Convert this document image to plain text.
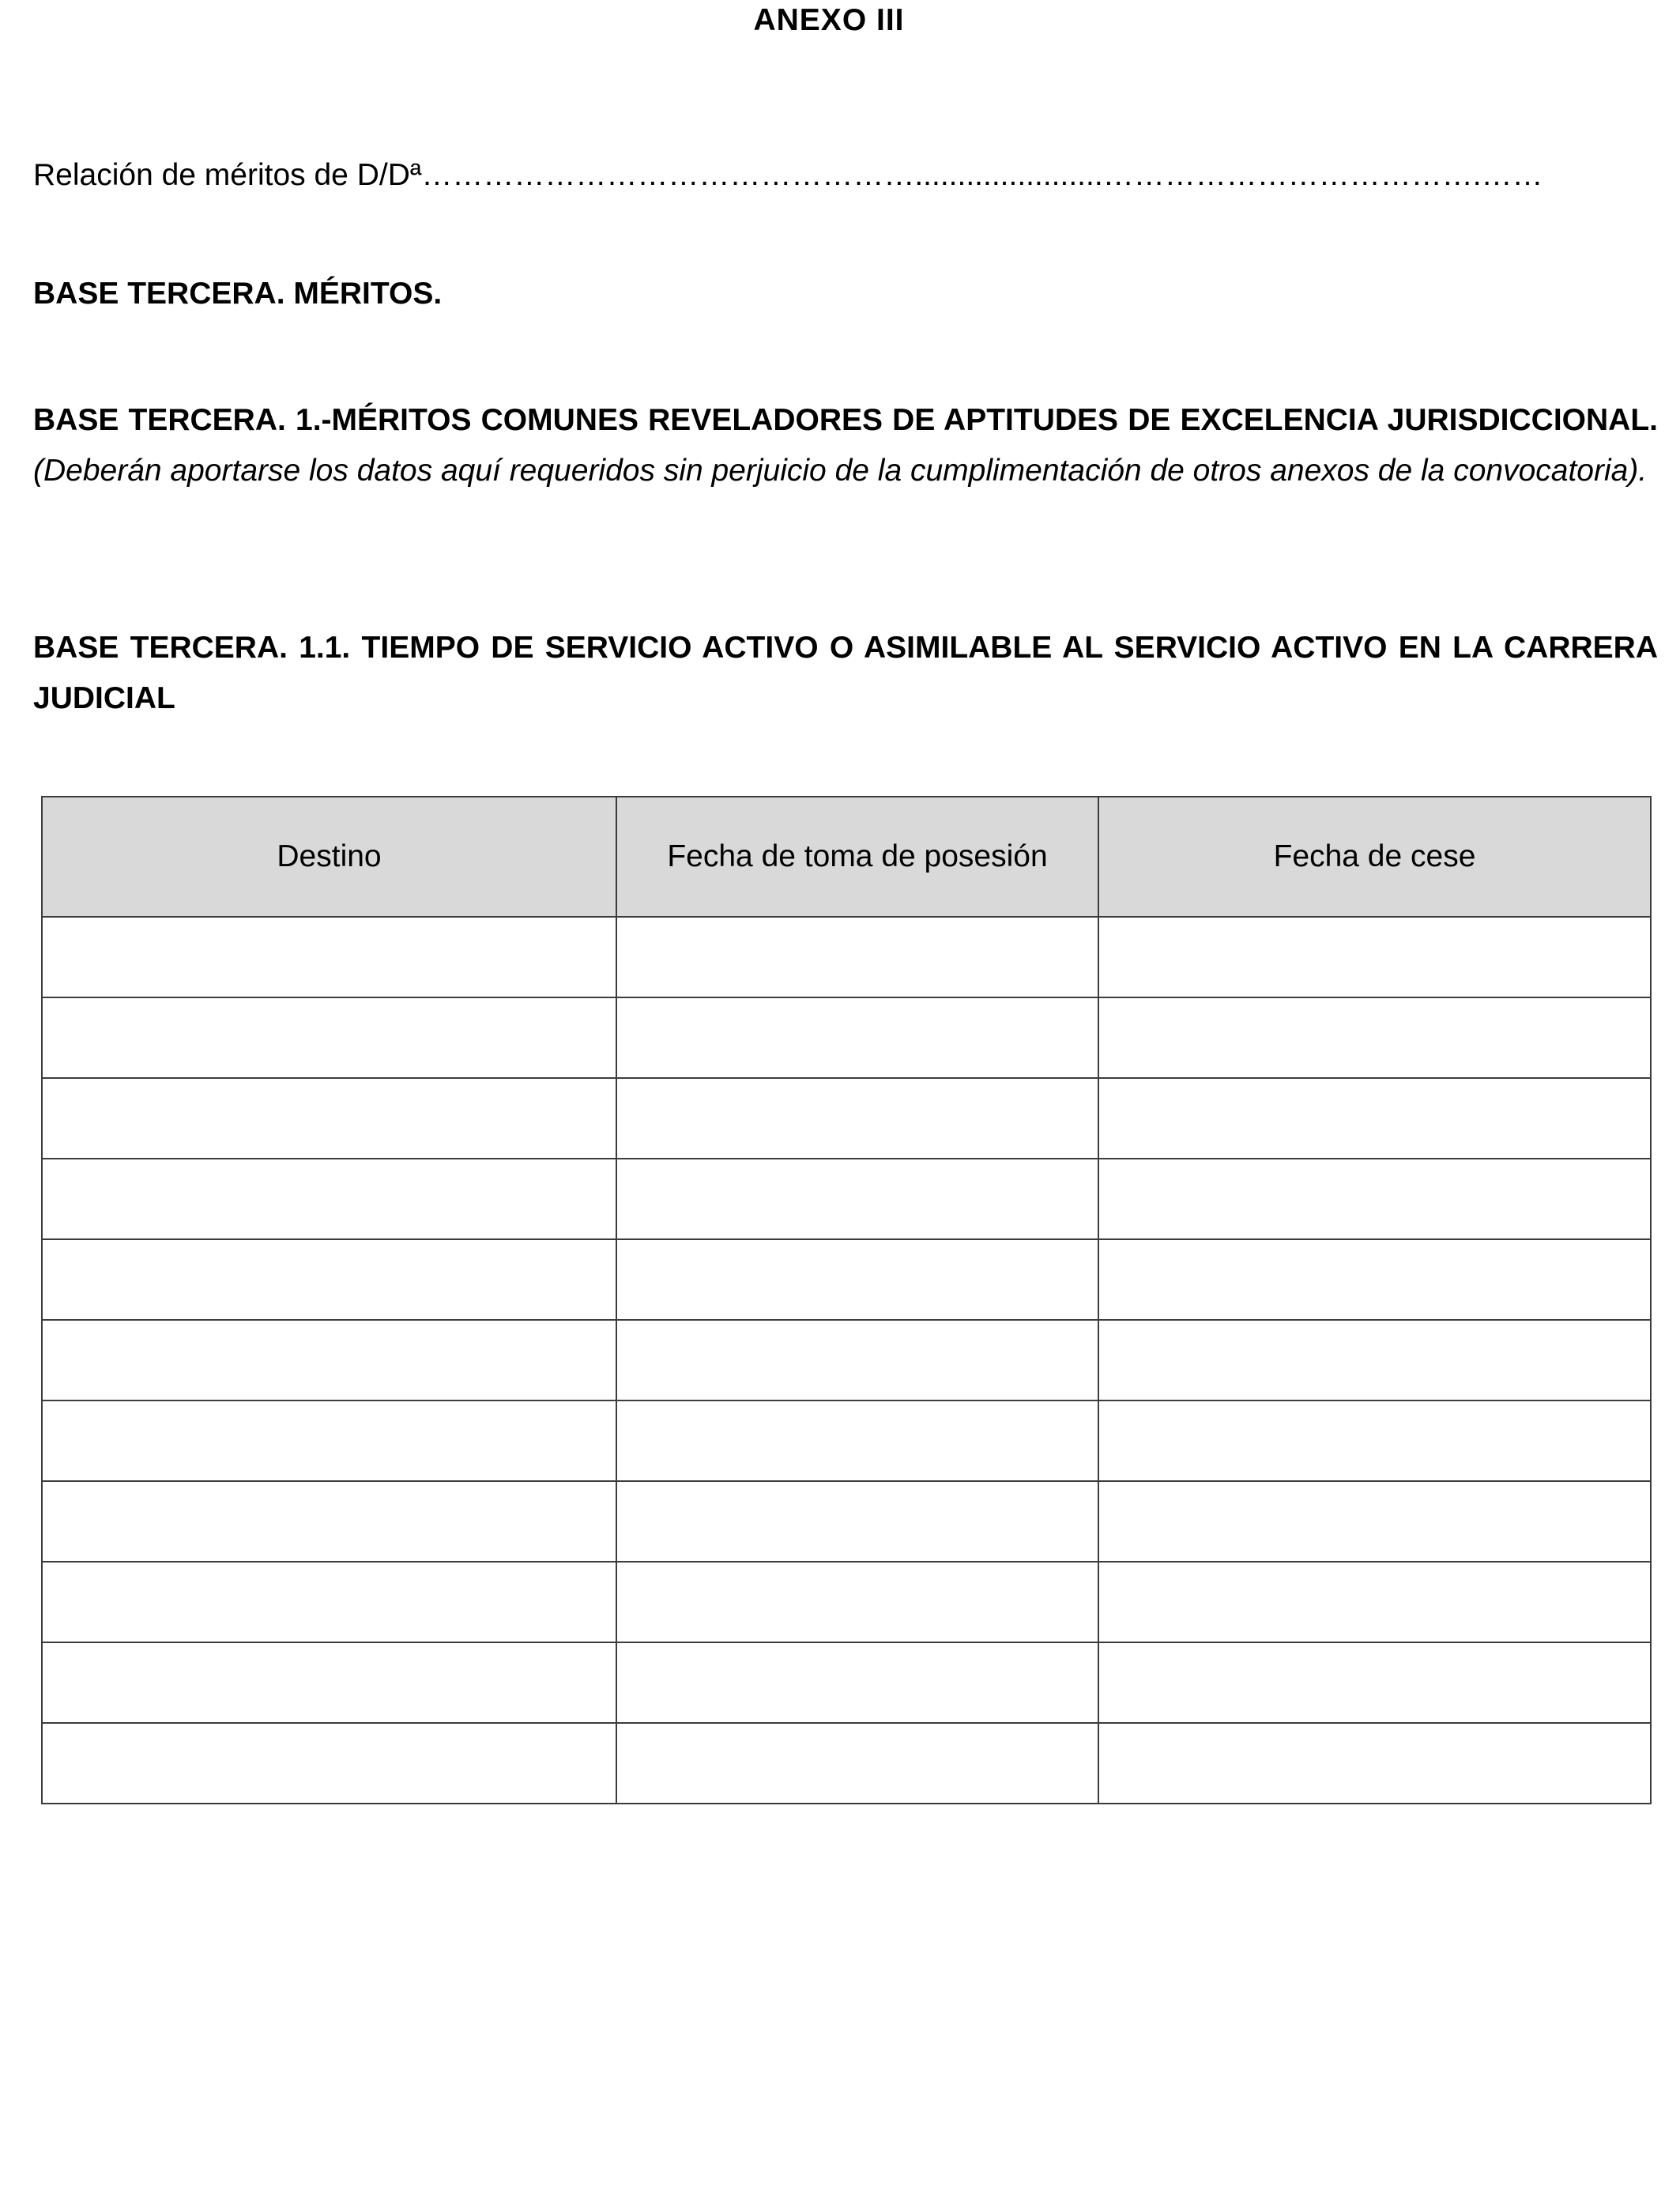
ANEXO III
Relación de méritos de D/Dª…………………………………………......................……………………………….……
BASE TERCERA. MÉRITOS.
BASE TERCERA. 1.-MÉRITOS COMUNES REVELADORES DE APTITUDES DE EXCELENCIA JURISDICCIONAL. (Deberán aportarse los datos aquí requeridos sin perjuicio de la cumplimentación de otros anexos de la convocatoria).
BASE TERCERA. 1.1. TIEMPO DE SERVICIO ACTIVO O ASIMILABLE AL SERVICIO ACTIVO EN LA CARRERA JUDICIAL
Destino	Fecha de toma de posesión	Fecha de cese
